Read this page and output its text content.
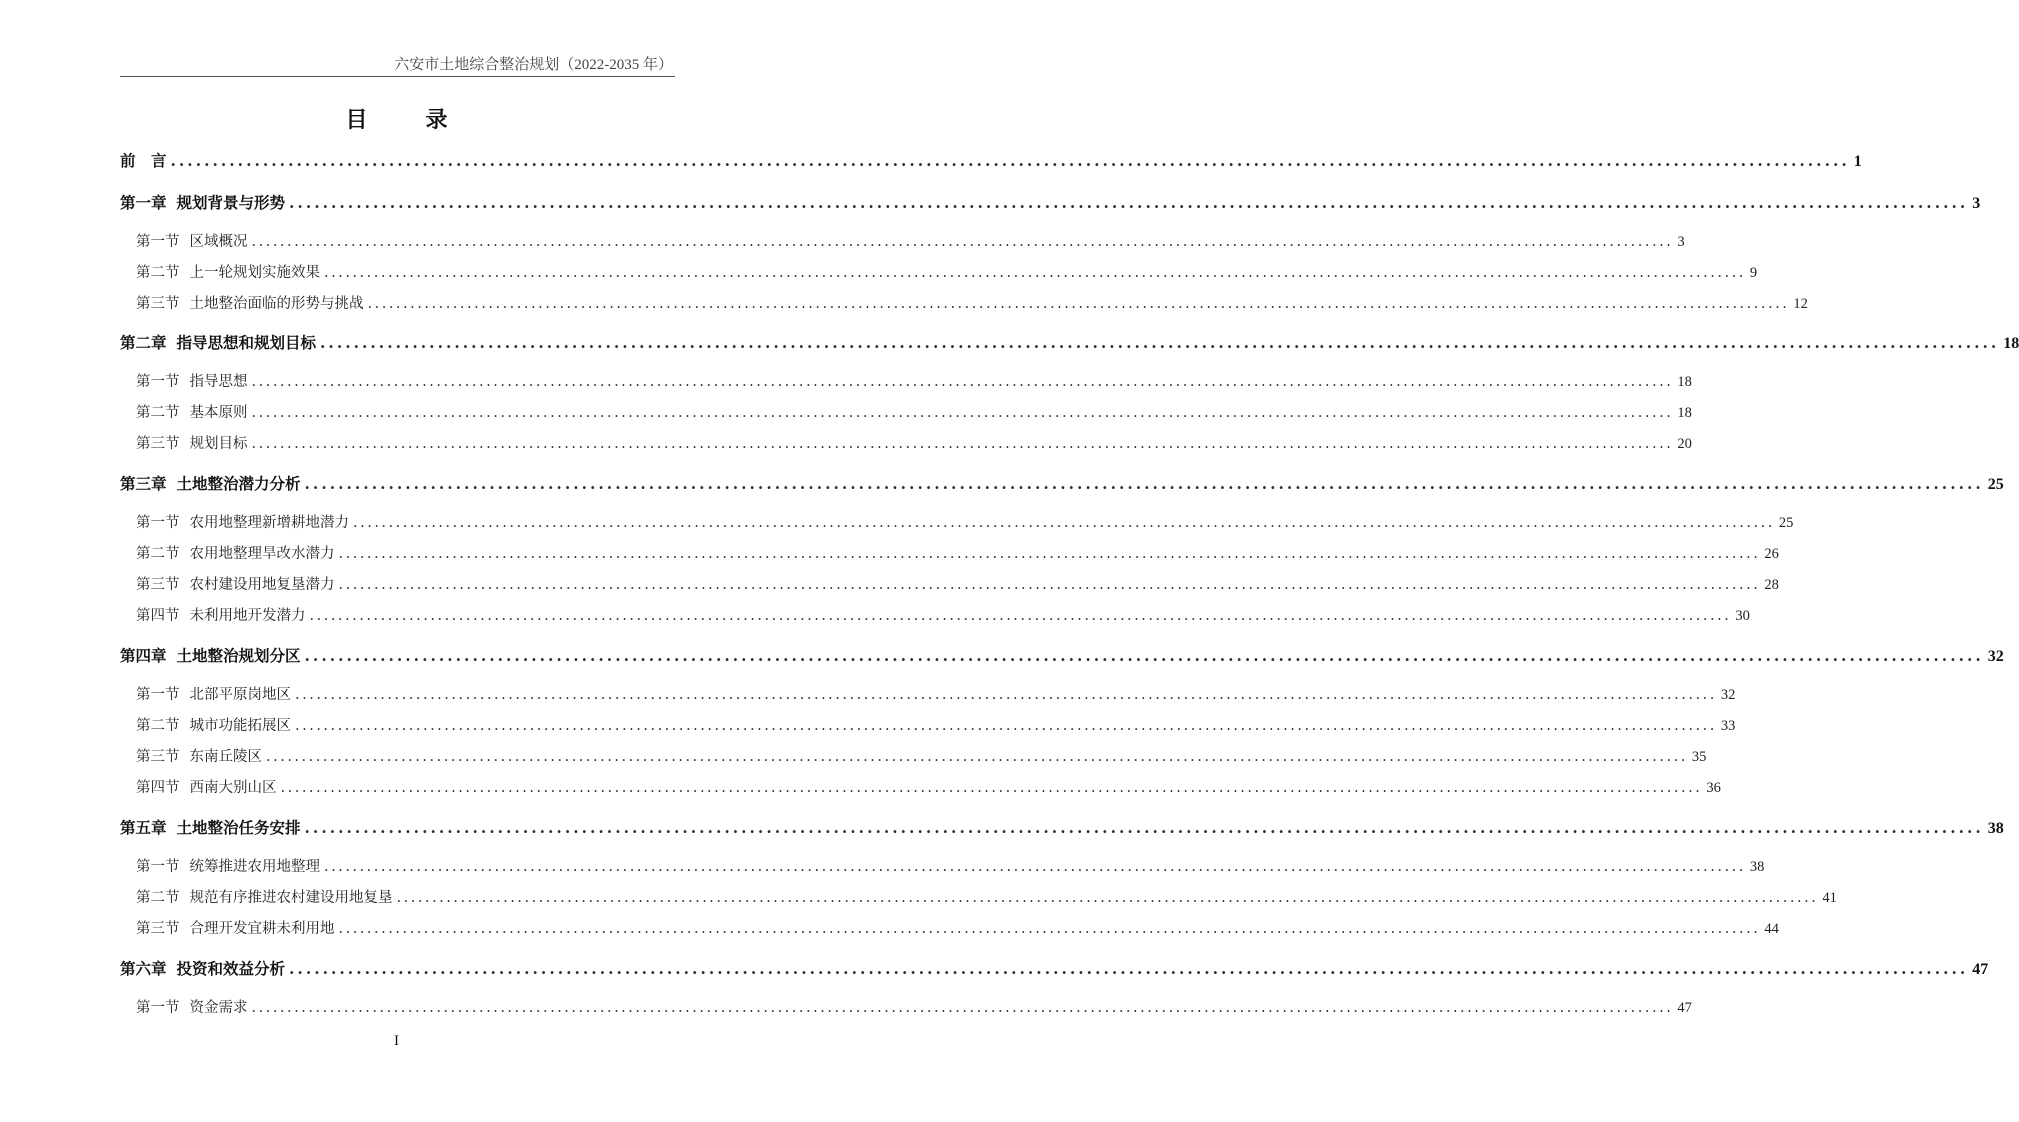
六安市土地综合整治规划（2022-2035 年）
目　录
前　言 ........................................................................................................................................................................................................ 1
第一章 规划背景与形势 ........................................................................................................................................................................................................ 3
第一节 区域概况 ........................................................................................................................................................................................................ 3
第二节 上一轮规划实施效果 ........................................................................................................................................................................................................ 9
第三节 土地整治面临的形势与挑战 ........................................................................................................................................................................................................ 12
第二章 指导思想和规划目标 ........................................................................................................................................................................................................ 18
第一节 指导思想 ........................................................................................................................................................................................................ 18
第二节 基本原则 ........................................................................................................................................................................................................ 18
第三节 规划目标 ........................................................................................................................................................................................................ 20
第三章 土地整治潜力分析 ........................................................................................................................................................................................................ 25
第一节 农用地整理新增耕地潜力 ........................................................................................................................................................................................................ 25
第二节 农用地整理旱改水潜力 ........................................................................................................................................................................................................ 26
第三节 农村建设用地复垦潜力 ........................................................................................................................................................................................................ 28
第四节 未利用地开发潜力 ........................................................................................................................................................................................................ 30
第四章 土地整治规划分区 ........................................................................................................................................................................................................ 32
第一节 北部平原岗地区 ........................................................................................................................................................................................................ 32
第二节 城市功能拓展区 ........................................................................................................................................................................................................ 33
第三节 东南丘陵区 ........................................................................................................................................................................................................ 35
第四节 西南大别山区 ........................................................................................................................................................................................................ 36
第五章 土地整治任务安排 ........................................................................................................................................................................................................ 38
第一节 统筹推进农用地整理 ........................................................................................................................................................................................................ 38
第二节 规范有序推进农村建设用地复垦 ........................................................................................................................................................................................................ 41
第三节 合理开发宜耕未利用地 ........................................................................................................................................................................................................ 44
第六章 投资和效益分析 ........................................................................................................................................................................................................ 47
第一节 资金需求 ........................................................................................................................................................................................................ 47
I
